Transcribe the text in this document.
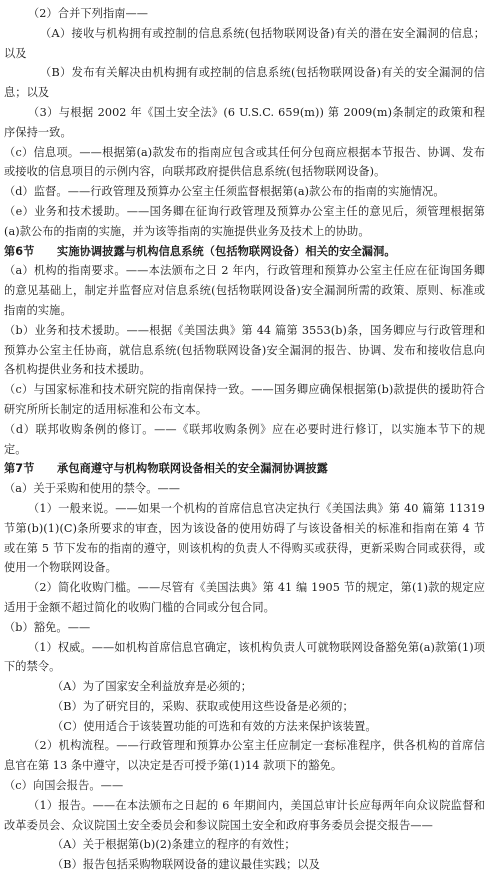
（2）合并下列指南——

（A）接收与机构拥有或控制的信息系统(包括物联网设备)有关的潜在安全漏洞的信息；以及

（B）发布有关解决由机构拥有或控制的信息系统(包括物联网设备)有关的安全漏洞的信息；以及

（3）与根据 2002 年《国土安全法》(6 U.S.C. 659(m)) 第 2009(m)条制定的政策和程序保持一致。

（c）信息项。——根据第(a)款发布的指南应包含或其任何分包商应根据本节报告、协调、发布或接收的信息项目的示例内容，向联邦政府提供信息系统(包括物联网设备)。

（d）监督。——行政管理及预算办公室主任须监督根据第(a)款公布的指南的实施情况。

（e）业务和技术援助。——国务卿在征询行政管理及预算办公室主任的意见后，须管理根据第(a)款公布的指南的实施，并为该等指南的实施提供业务及技术上的协助。

第6节　　实施协调披露与机构信息系统（包括物联网设备）相关的安全漏洞。

（a）机构的指南要求。——本法颁布之日 2 年内，行政管理和预算办公室主任应在征询国务卿的意见基础上，制定并监督应对信息系统(包括物联网设备)安全漏洞所需的政策、原则、标准或指南的实施。

（b）业务和技术援助。——根据《美国法典》第 44 篇第 3553(b)条，国务卿应与行政管理和预算办公室主任协商，就信息系统(包括物联网设备)安全漏洞的报告、协调、发布和接收信息向各机构提供业务和技术援助。

（c）与国家标准和技术研究院的指南保持一致。——国务卿应确保根据第(b)款提供的援助符合研究所所长制定的适用标准和公布文本。

（d）联邦收购条例的修订。——《联邦收购条例》应在必要时进行修订，以实施本节下的规定。

第7节　　承包商遵守与机构物联网设备相关的安全漏洞协调披露

（a）关于采购和使用的禁令。——

（1）一般来说。——如果一个机构的首席信息官决定执行《美国法典》第 40 篇第 11319 节第(b)(1)(C)条所要求的审查，因为该设备的使用妨碍了与该设备相关的标准和指南在第 4 节或在第 5 节下发布的指南的遵守，则该机构的负责人不得购买或获得，更新采购合同或获得，或使用一个物联网设备。

（2）简化收购门槛。——尽管有《美国法典》第 41 编 1905 节的规定，第(1)款的规定应适用于金额不超过简化的收购门槛的合同或分包合同。

（b）豁免。——

（1）权威。——如机构首席信息官确定，该机构负责人可就物联网设备豁免第(a)款第(1)项下的禁令。

（A）为了国家安全利益放弃是必须的；

（B）为了研究目的，采购、获取或使用这些设备是必须的；

（C）使用适合于该装置功能的可选和有效的方法来保护该装置。

（2）机构流程。——行政管理和预算办公室主任应制定一套标准程序，供各机构的首席信息官在第 13 条中遵守，以决定是否可授予第(1)14 款项下的豁免。

（c）向国会报告。——

（1）报告。——在本法颁布之日起的 6 年期间内，美国总审计长应每两年向众议院监督和改革委员会、众议院国土安全委员会和参议院国土安全和政府事务委员会提交报告——

（A）关于根据第(b)(2)条建立的程序的有效性；

（B）报告包括采购物联网设备的建议最佳实践；以及
